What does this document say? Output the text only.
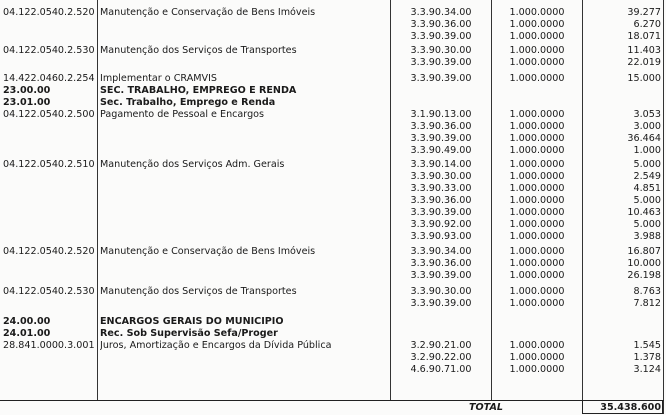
04.122.0540.2.520 Manutenção e Conservação de Bens Imóveis	3.3.90.34.00	1.000.0000	39.277
3.3.90.36.00	1.000.0000	6.270
3.3.90.39.00	1.000.0000	18.071
04.122.0540.2.530 Manutenção dos Serviços de Transportes	3.3.90.30.00	1.000.0000	11.403
3.3.90.39.00	1.000.0000	22.019
14.422.0460.2.254 Implementar o CRAMVIS	3.3.90.39.00	1.000.0000	15.000
23.00.00	SEC. TRABALHO, EMPREGO E RENDA
23.01.00	Sec. Trabalho, Emprego e Renda
04.122.0540.2.500 Pagamento de Pessoal e Encargos	3.1.90.13.00	1.000.0000	3.053
3.3.90.36.00	1.000.0000	3.000
3.3.90.39.00	1.000.0000	36.464
3.3.90.49.00	1.000.0000	1.000
04.122.0540.2.510 Manutenção dos Serviços Adm. Gerais	3.3.90.14.00	1.000.0000	5.000
3.3.90.30.00	1.000.0000	2.549
3.3.90.33.00	1.000.0000	4.851
3.3.90.36.00	1.000.0000	5.000
3.3.90.39.00	1.000.0000	10.463
3.3.90.92.00	1.000.0000	5.000
3.3.90.93.00	1.000.0000	3.988
04.122.0540.2.520 Manutenção e Conservação de Bens Imóveis	3.3.90.34.00	1.000.0000	16.807
3.3.90.36.00	1.000.0000	10.000
3.3.90.39.00	1.000.0000	26.198
04.122.0540.2.530 Manutenção dos Serviços de Transportes	3.3.90.30.00	1.000.0000	8.763
3.3.90.39.00	1.000.0000	7.812
24.00.00	ENCARGOS GERAIS DO MUNICIPIO
24.01.00	Rec. Sob Supervisão Sefa/Proger
28.841.0000.3.001 Juros, Amortização e Encargos da Dívida Pública	3.2.90.21.00	1.000.0000	1.545
3.2.90.22.00	1.000.0000	1.378
4.6.90.71.00	1.000.0000	3.124
TOTAL	35.438.600
